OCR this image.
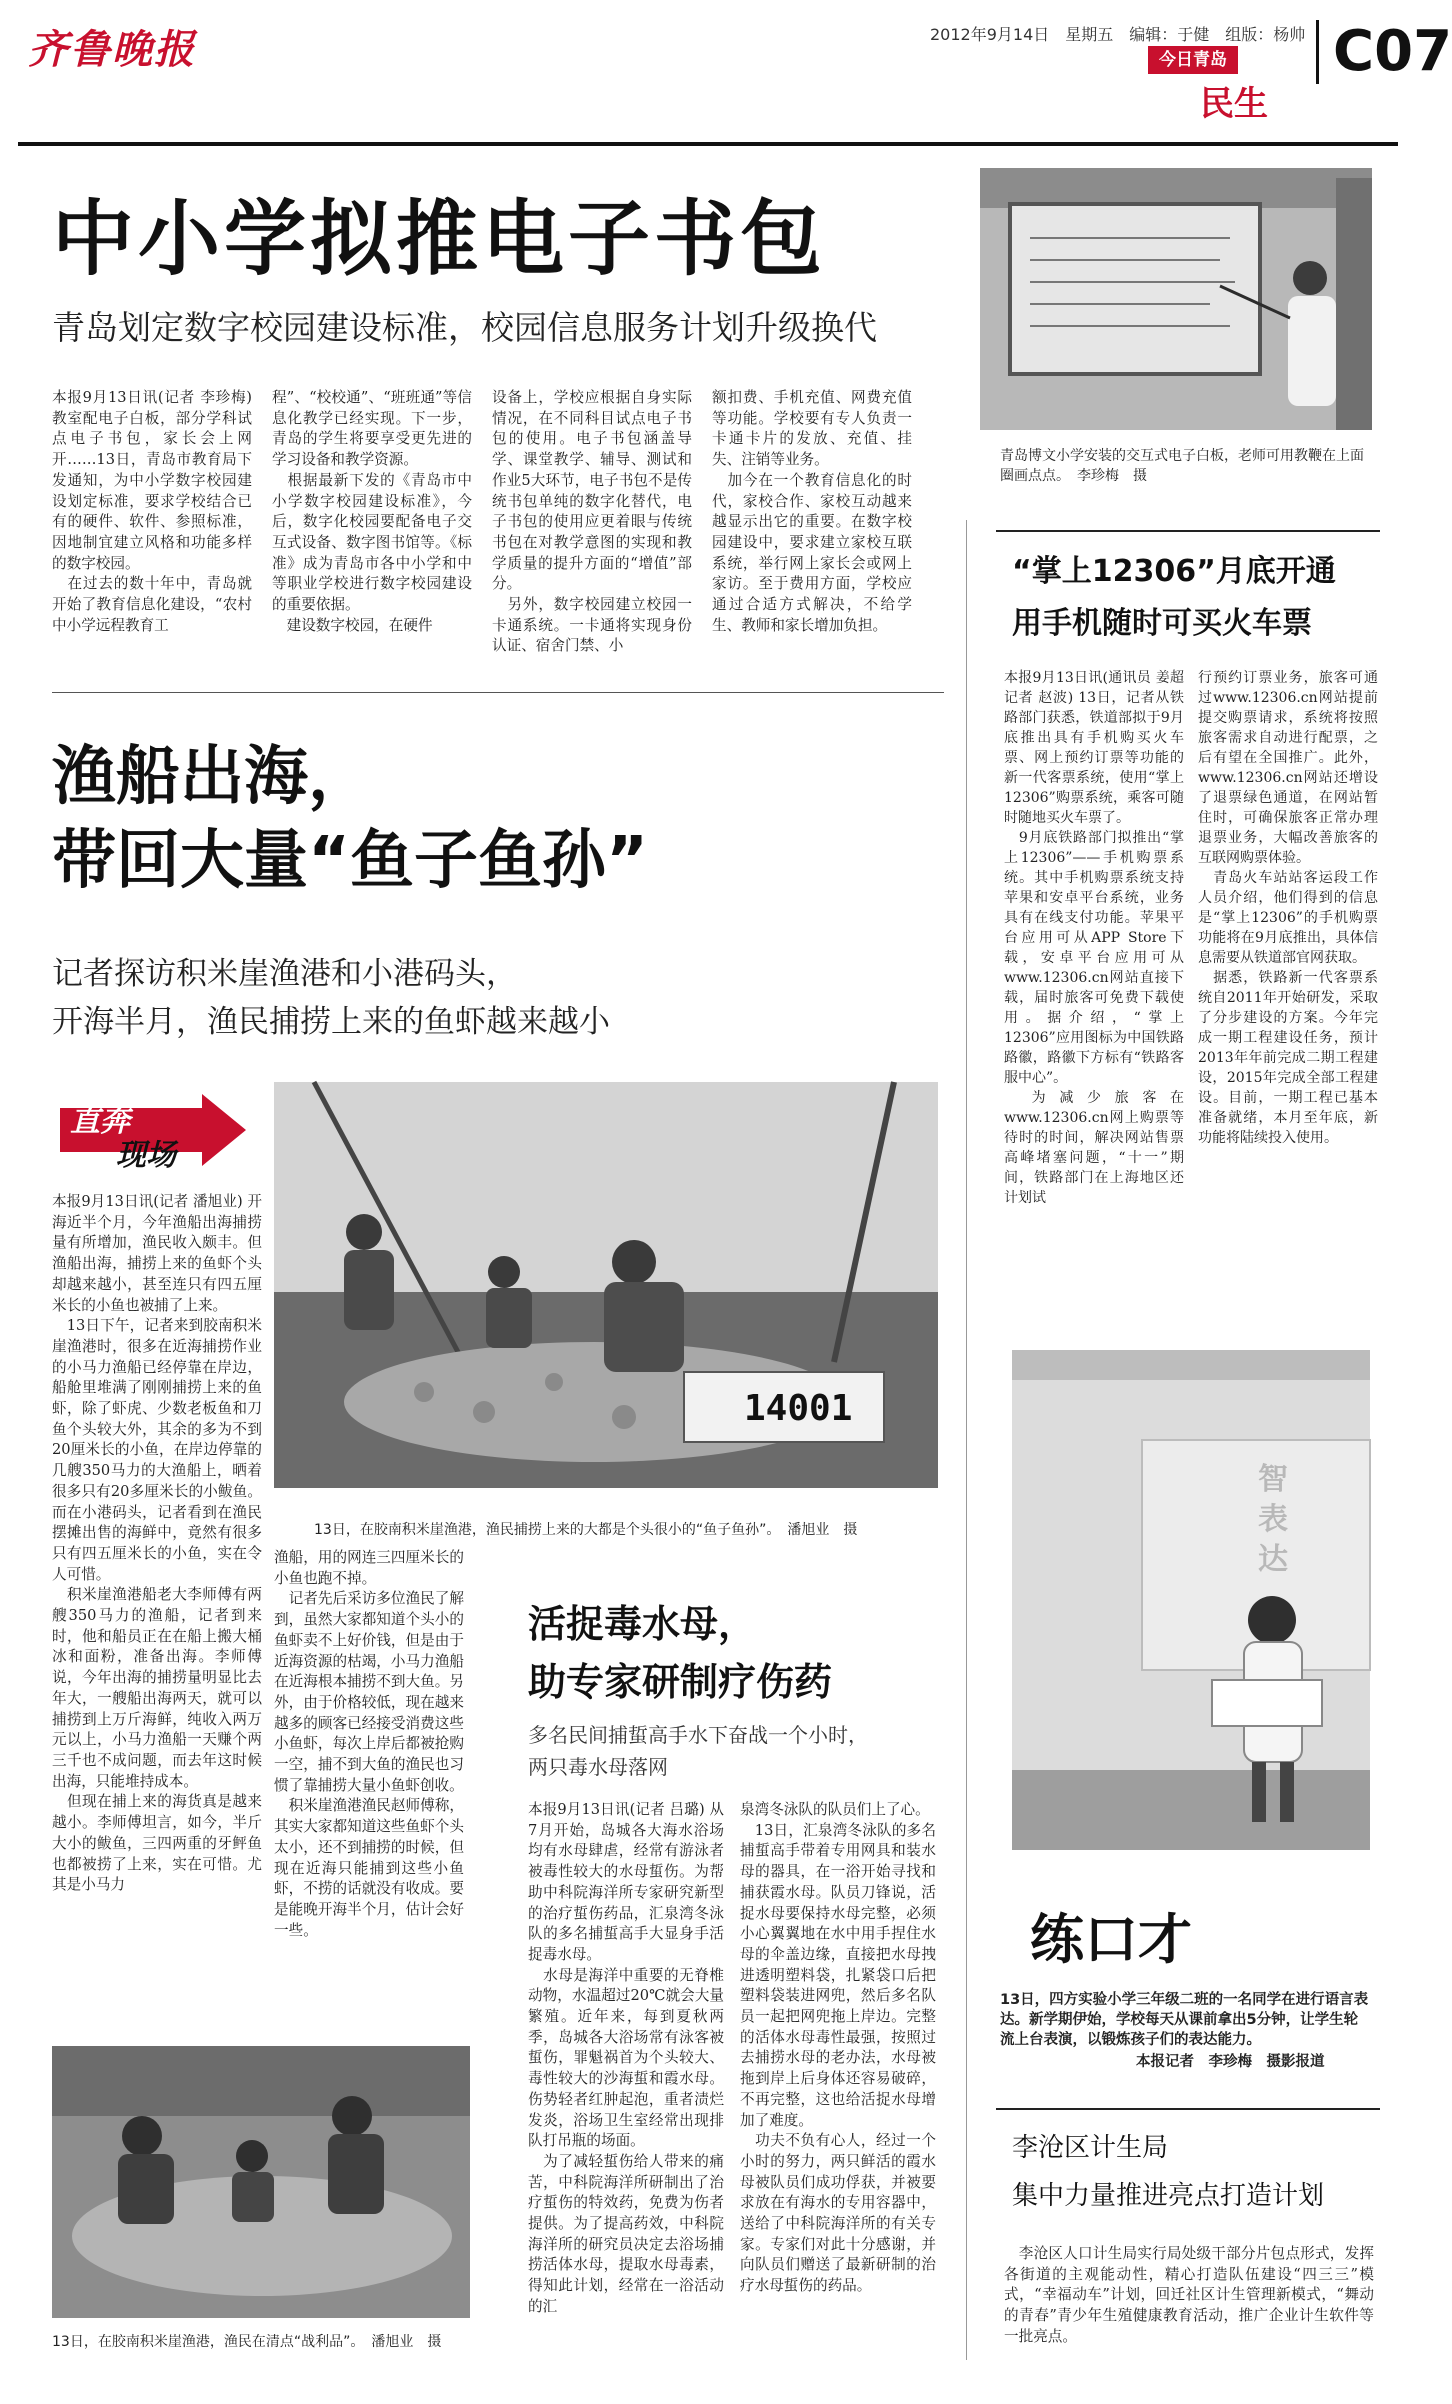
齐鲁晚报	2012年9月14日　星期五　编辑：于健　组版：杨帅
今日青岛
民生
C07
中小学拟推电子书包
青岛划定数字校园建设标准，校园信息服务计划升级换代
本报9月13日讯(记者 李珍梅) 教室配电子白板，部分学科试点电子书包，家长会上网开……13日，青岛市教育局下发通知，为中小学数字校园建设划定标准，要求学校结合已有的硬件、软件、参照标准，因地制宜建立风格和功能多样的数字校园。
　在过去的数十年中，青岛就开始了教育信息化建设，“农村中小学远程教育工
程”、“校校通”、“班班通”等信息化教学已经实现。下一步，青岛的学生将要享受更先进的学习设备和教学资源。
　根据最新下发的《青岛市中小学数字校园建设标准》，今后，数字化校园要配备电子交互式设备、数字图书馆等。《标准》成为青岛市各中小学和中等职业学校进行数字校园建设的重要依据。
　建设数字校园，在硬件
设备上，学校应根据自身实际情况，在不同科目试点电子书包的使用。电子书包涵盖导学、课堂教学、辅导、测试和作业5大环节，电子书包不是传统书包单纯的数字化替代，电子书包的使用应更着眼与传统书包在对教学意图的实现和教学质量的提升方面的“增值”部分。
　另外，数字校园建立校园一卡通系统。一卡通将实现身份认证、宿舍门禁、小
额扣费、手机充值、网费充值等功能。学校要有专人负责一卡通卡片的发放、充值、挂失、注销等业务。
　加今在一个教育信息化的时代，家校合作、家校互动越来越显示出它的重要。在数字校园建设中，要求建立家校互联系统，举行网上家长会或网上家访。至于费用方面，学校应通过合适方式解决，不给学生、教师和家长增加负担。
青岛博文小学安装的交互式电子白板，老师可用教鞭在上面圈画点点。　李珍梅　摄
渔船出海，
带回大量“鱼子鱼孙”
记者探访积米崖渔港和小港码头，
开海半月，渔民捕捞上来的鱼虾越来越小
直奔
现场
本报9月13日讯(记者 潘旭业) 开海近半个月，今年渔船出海捕捞量有所增加，渔民收入颇丰。但渔船出海，捕捞上来的鱼虾个头却越来越小，甚至连只有四五厘米长的小鱼也被捕了上来。
　13日下午，记者来到胶南积米崖渔港时，很多在近海捕捞作业的小马力渔船已经停靠在岸边，船舱里堆满了刚刚捕捞上来的鱼虾，除了虾虎、少数老板鱼和刀鱼个头较大外，其余的多为不到20厘米长的小鱼，在岸边停靠的几艘350马力的大渔船上，晒着很多只有20多厘米长的小鲅鱼。而在小港码头，记者看到在渔民摆摊出售的海鲜中，竟然有很多只有四五厘米长的小鱼，实在令人可惜。
　积米崖渔港船老大李师傅有两艘350马力的渔船，记者到来时，他和船员正在在船上搬大桶冰和面粉，准备出海。李师傅说，今年出海的捕捞量明显比去年大，一艘船出海两天，就可以捕捞到上万斤海鲜，纯收入两万元以上，小马力渔船一天赚个两三千也不成问题，而去年这时候出海，只能堆持成本。
　但现在捕上来的海货真是越来越小。李师傅坦言，如今，半斤大小的鲅鱼，三四两重的牙鲆鱼也都被捞了上来，实在可惜。尤其是小马力
14001
13日，在胶南积米崖渔港，渔民捕捞上来的大都是个头很小的“鱼子鱼孙”。　潘旭业　摄
渔船，用的网连三四厘米长的小鱼也跑不掉。
　记者先后采访多位渔民了解到，虽然大家都知道个头小的鱼虾卖不上好价钱，但是由于近海资源的枯竭，小马力渔船在近海根本捕捞不到大鱼。另外，由于价格较低，现在越来越多的顾客已经接受消费这些小鱼虾，每次上岸后都被抢购一空，捕不到大鱼的渔民也习惯了靠捕捞大量小鱼虾创收。
　积米崖渔港渔民赵师傅称，其实大家都知道这些鱼虾个头太小，还不到捕捞的时候，但现在近海只能捕到这些小鱼虾，不捞的话就没有收成。要是能晚开海半个月，估计会好一些。
13日，在胶南积米崖渔港，渔民在清点“战利品”。　潘旭业　摄
活捉毒水母，
助专家研制疗伤药
多名民间捕蜇高手水下奋战一个小时，
两只毒水母落网
本报9月13日讯(记者 吕璐) 从7月开始，岛城各大海水浴场均有水母肆虐，经常有游泳者被毒性较大的水母蜇伤。为帮助中科院海洋所专家研究新型的治疗蜇伤药品，汇泉湾冬泳队的多名捕蜇高手大显身手活捉毒水母。
　水母是海洋中重要的无脊椎动物，水温超过20℃就会大量繁殖。近年来，每到夏秋两季，岛城各大浴场常有泳客被蜇伤，罪魁祸首为个头较大、毒性较大的沙海蜇和霞水母。伤势轻者红肿起泡，重者渍烂发炎，浴场卫生室经常出现排队打吊瓶的场面。
　为了减轻蜇伤给人带来的痛苦，中科院海洋所研制出了治疗蜇伤的特效药，免费为伤者提供。为了提高药效，中科院海洋所的研究员决定去浴场捕捞活体水母，提取水母毒素，得知此计划，经常在一浴活动的汇
泉湾冬泳队的队员们上了心。
　13日，汇泉湾冬泳队的多名捕蜇高手带着专用网具和装水母的器具，在一浴开始寻找和捕获霞水母。队员刀锋说，活捉水母要保持水母完整，必须小心翼翼地在水中用手捏住水母的伞盖边缘，直接把水母拽进透明塑料袋，扎紧袋口后把塑料袋装进网兜，然后多名队员一起把网兜拖上岸边。完整的活体水母毒性最强，按照过去捕捞水母的老办法，水母被拖到岸上后身体还容易破碎，不再完整，这也给活捉水母增加了难度。
　功夫不负有心人，经过一个小时的努力，两只鲜活的霞水母被队员们成功俘获，并被要求放在有海水的专用容器中，送给了中科院海洋所的有关专家。专家们对此十分感谢，并向队员们赠送了最新研制的治疗水母蜇伤的药品。
“掌上12306”月底开通
用手机随时可买火车票
本报9月13日讯(通讯员 姜超 记者 赵波) 13日，记者从铁路部门获悉，铁道部拟于9月底推出具有手机购买火车票、网上预约订票等功能的新一代客票系统，使用“掌上12306”购票系统，乘客可随时随地买火车票了。
　9月底铁路部门拟推出“掌上12306”——手机购票系统。其中手机购票系统支持苹果和安卓平台系统，业务具有在线支付功能。苹果平台应用可从APP Store下载，安卓平台应用可从www.12306.cn网站直接下载，届时旅客可免费下载使用。据介绍，“掌上12306”应用图标为中国铁路路徽，路徽下方标有“铁路客服中心”。
　为减少旅客在www.12306.cn网上购票等待时的时间，解决网站售票高峰堵塞问题，“十一”期间，铁路部门在上海地区还计划试
行预约订票业务，旅客可通过www.12306.cn网站提前提交购票请求，系统将按照旅客需求自动进行配票，之后有望在全国推广。此外，www.12306.cn网站还增设了退票绿色通道，在网站暂住时，可确保旅客正常办理退票业务，大幅改善旅客的互联网购票体验。
　青岛火车站站客运段工作人员介绍，他们得到的信息是“掌上12306”的手机购票功能将在9月底推出，具体信息需要从铁道部官网获取。
　据悉，铁路新一代客票系统自2011年开始研发，采取了分步建设的方案。今年完成一期工程建设任务，预计2013年年前完成二期工程建设，2015年完成全部工程建设。目前，一期工程已基本准备就绪，本月至年底，新功能将陆续投入使用。
智表达
练口才
13日，四方实验小学三年级二班的一名同学在进行语言表达。新学期伊始，学校每天从课前拿出5分钟，让学生轮流上台表演，以锻炼孩子们的表达能力。
本报记者　李珍梅　摄影报道
李沧区计生局
集中力量推进亮点打造计划
　李沧区人口计生局实行局处级干部分片包点形式，发挥各街道的主观能动性，精心打造队伍建设“四三三”模式，“幸福动车”计划，回迁社区计生管理新模式，“舞动的青春”青少年生殖健康教育活动，推广企业计生软件等一批亮点。
